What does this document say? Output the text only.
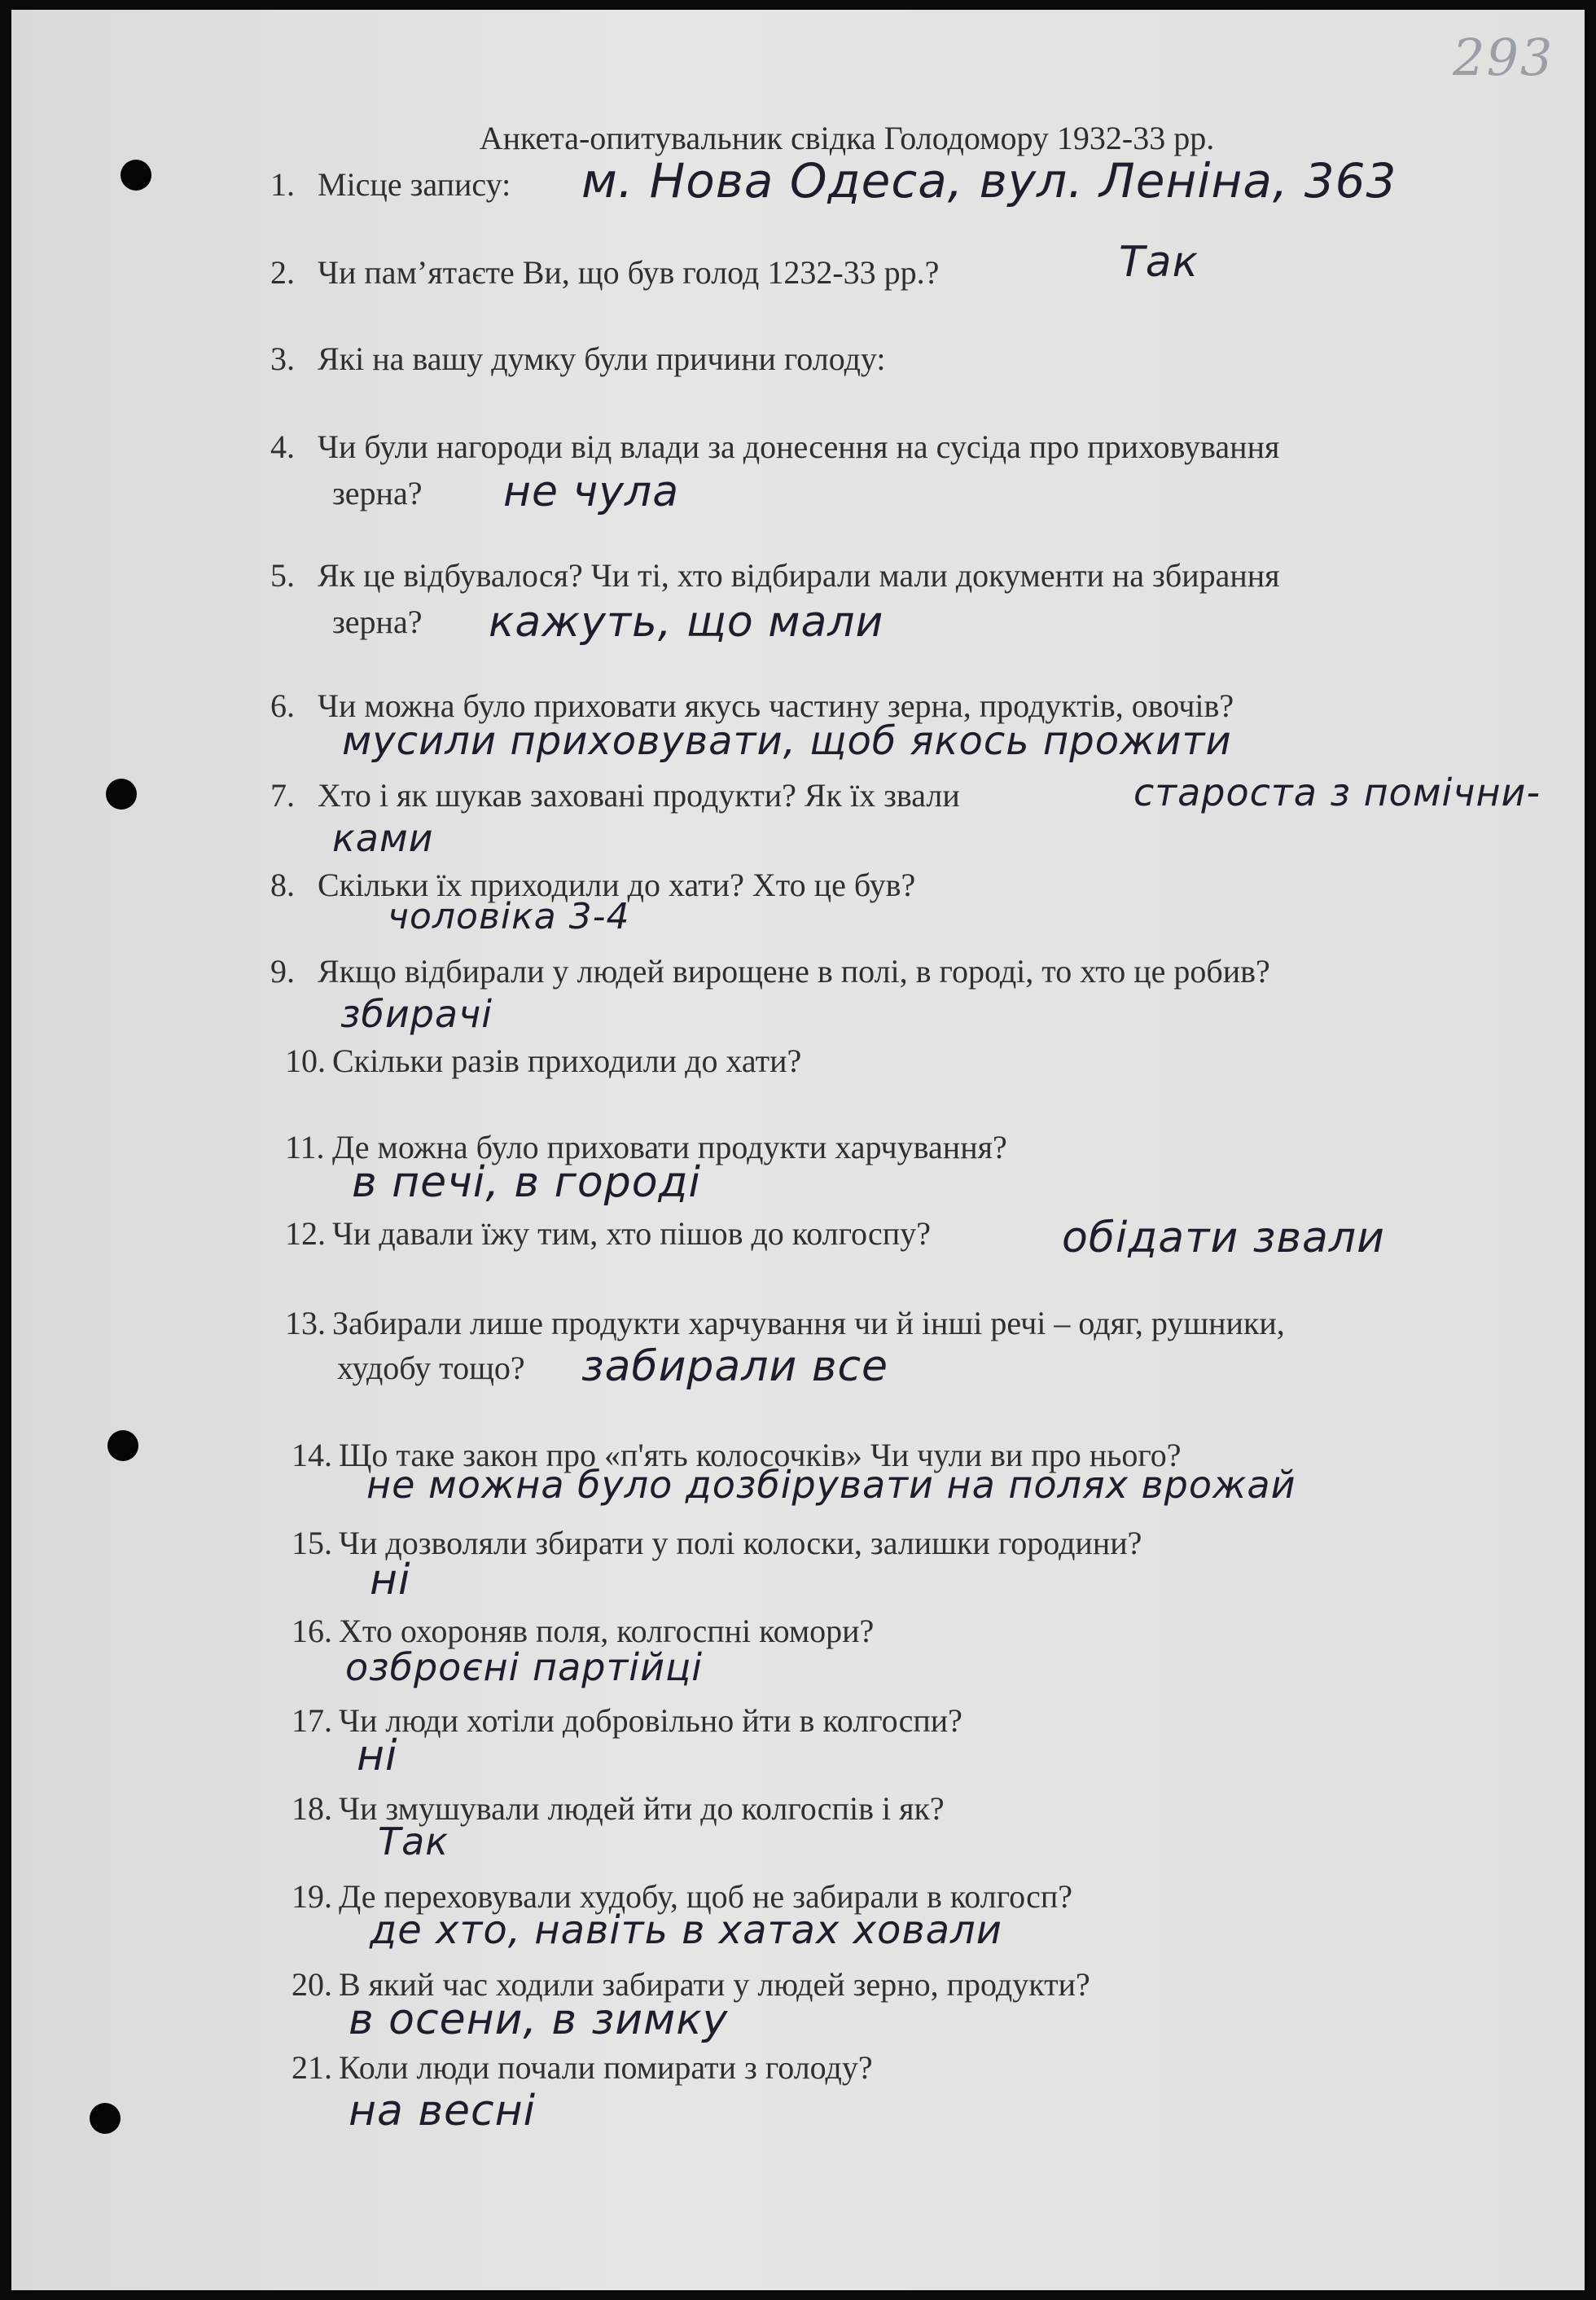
293
Анкета-опитувальник свідка Голодомору 1932-33 рр.
1. Місце запису: м. Нова Одеса, вул. Леніна, 363
2. Чи пам’ятаєте Ви, що був голод 1232-33 рр.?	Так
3. Які на вашу думку були причини голоду:
4. Чи були нагороди від влади за донесення на сусіда про приховування
зерна? не чула
5. Як це відбувалося? Чи ті, хто відбирали мали документи на збирання
зерна? кажуть, що мали
6. Чи можна було приховати якусь частину зерна, продуктів, овочів?
мусили приховувати, щоб якось прожити
7. Хто і як шукав заховані продукти? Як їх звали	староста з помічни-
ками
8. Скільки їх приходили до хати? Хто це був?
чоловіка 3-4
9. Якщо відбирали у людей вирощене в полі, в городі, то хто це робив?
збирачі
10. Скільки разів приходили до хати?
11. Де можна було приховати продукти харчування?
в печі, в городі
12. Чи давали їжу тим, хто пішов до колгоспу?	обідати звали
13. Забирали лише продукти харчування чи й інші речі – одяг, рушники,
худобу тощо? забирали все
14. Що таке закон про «п'ять колосочків» Чи чули ви про нього?
не можна було дозбірувати на полях врожай
15. Чи дозволяли збирати у полі колоски, залишки городини?
ні
16. Хто охороняв поля, колгоспні комори?
озброєні партійці
17. Чи люди хотіли добровільно йти в колгоспи?
ні
18. Чи змушували людей йти до колгоспів і як?
Так
19. Де переховували худобу, щоб не забирали в колгосп?
де хто, навіть в хатах ховали
20. В який час ходили забирати у людей зерно, продукти?
в осени, в зимку
21. Коли люди почали помирати з голоду?
на весні
